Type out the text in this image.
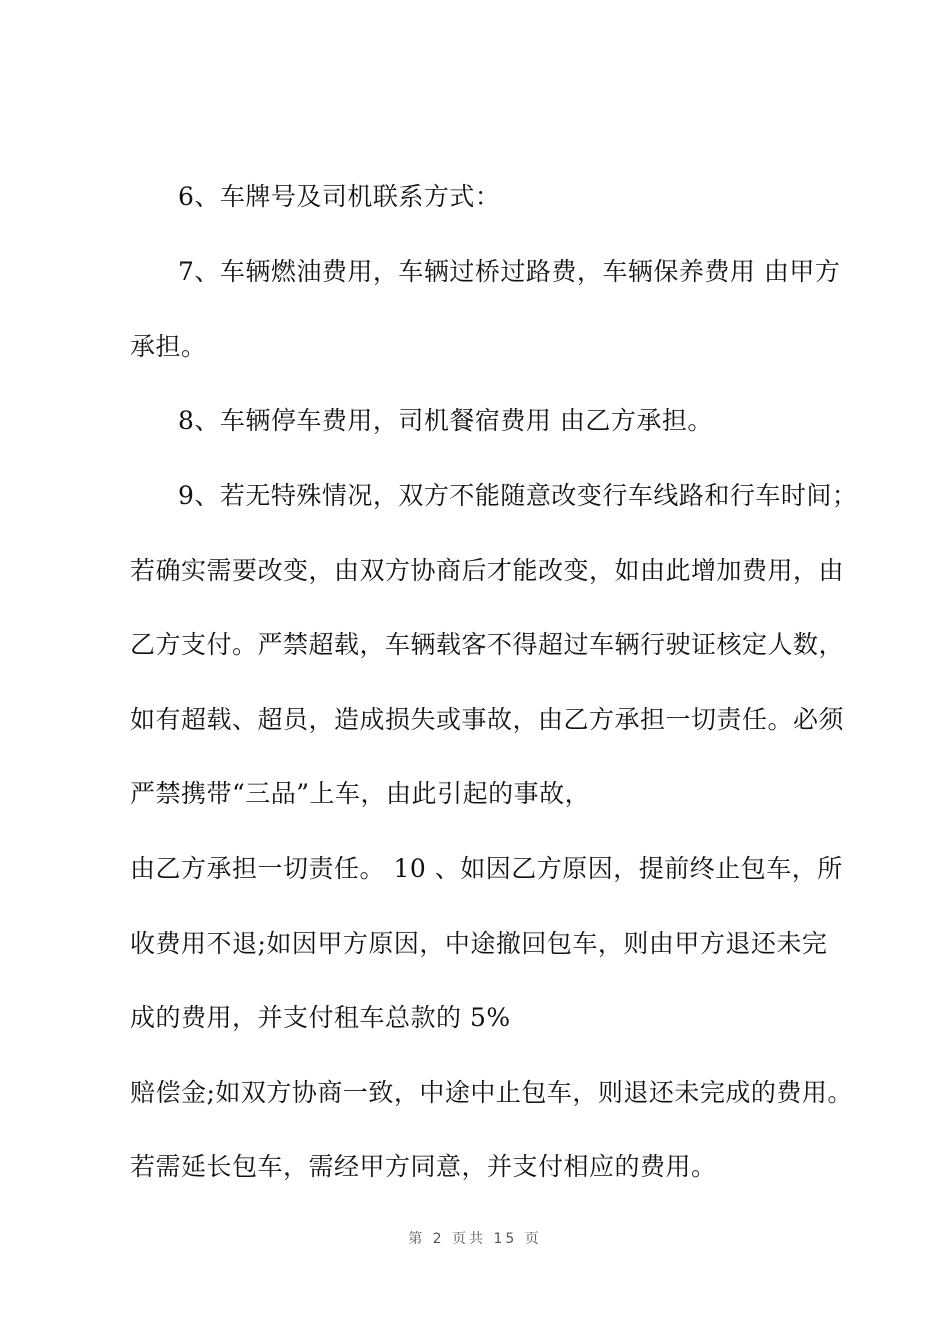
6、车牌号及司机联系方式：
7、车辆燃油费用，车辆过桥过路费，车辆保养费用 由甲方
承担。
8、车辆停车费用，司机餐宿费用 由乙方承担。
9、若无特殊情况，双方不能随意改变行车线路和行车时间；
若确实需要改变，由双方协商后才能改变，如由此增加费用，由
乙方支付。严禁超载，车辆载客不得超过车辆行驶证核定人数，
如有超载、超员，造成损失或事故，由乙方承担一切责任。必须
严禁携带“三品”上车，由此引起的事故，
由乙方承担一切责任。 10 、如因乙方原因，提前终止包车，所
收费用不退;如因甲方原因，中途撤回包车，则由甲方退还未完
成的费用，并支付租车总款的 5%
赔偿金;如双方协商一致，中途中止包车，则退还未完成的费用。
若需延长包车，需经甲方同意，并支付相应的费用。
第 2 页共 15 页
